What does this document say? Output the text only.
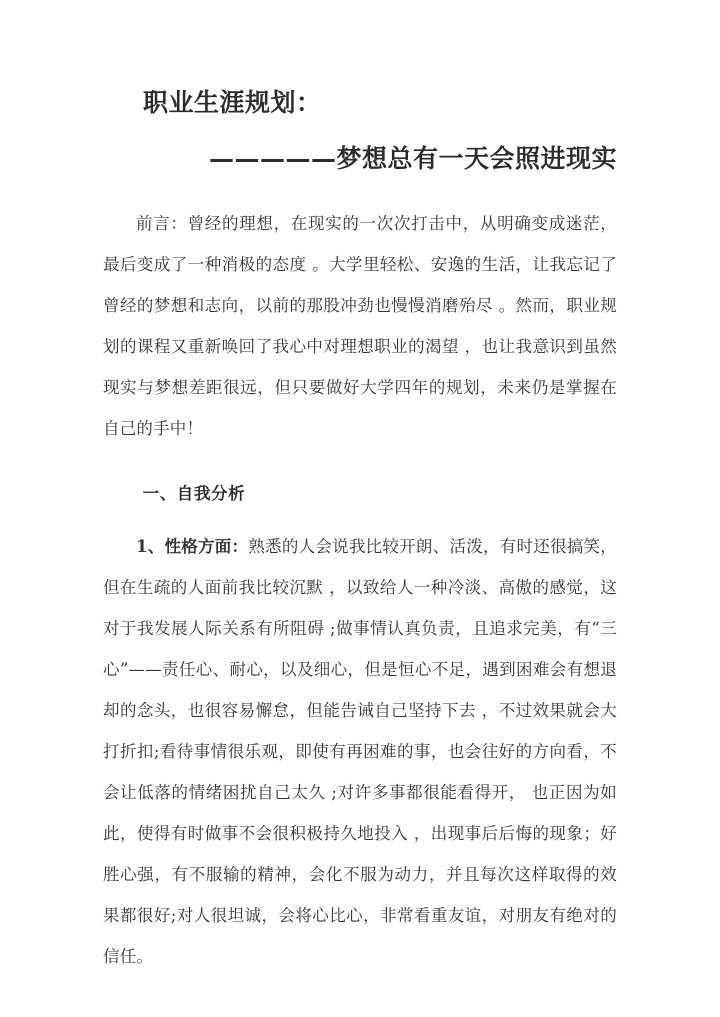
职业生涯规划：
—————梦想总有一天会照进现实

前言：曾经的理想，在现实的一次次打击中，从明确变成迷茫，最后变成了一种消极的态度 。大学里轻松、安逸的生活，让我忘记了曾经的梦想和志向，以前的那股冲劲也慢慢消磨殆尽 。然而，职业规划的课程又重新唤回了我心中对理想职业的渴望 ，也让我意识到虽然现实与梦想差距很远，但只要做好大学四年的规划，未来仍是掌握在自己的手中！

一、自我分析

1、性格方面：熟悉的人会说我比较开朗、活泼，有时还很搞笑，但在生疏的人面前我比较沉默 ，以致给人一种冷淡、高傲的感觉，这对于我发展人际关系有所阻碍 ;做事情认真负责，且追求完美，有“三心”——责任心、耐心，以及细心，但是恒心不足，遇到困难会有想退却的念头，也很容易懈怠，但能告诫自己坚持下去 ，不过效果就会大打折扣;看待事情很乐观，即使有再困难的事，也会往好的方向看，不会让低落的情绪困扰自己太久 ;对许多事都很能看得开， 也正因为如此，使得有时做事不会很积极持久地投入 ，出现事后后悔的现象；好胜心强，有不服输的精神，会化不服为动力，并且每次这样取得的效果都很好;对人很坦诚，会将心比心，非常看重友谊，对朋友有绝对的信任。
